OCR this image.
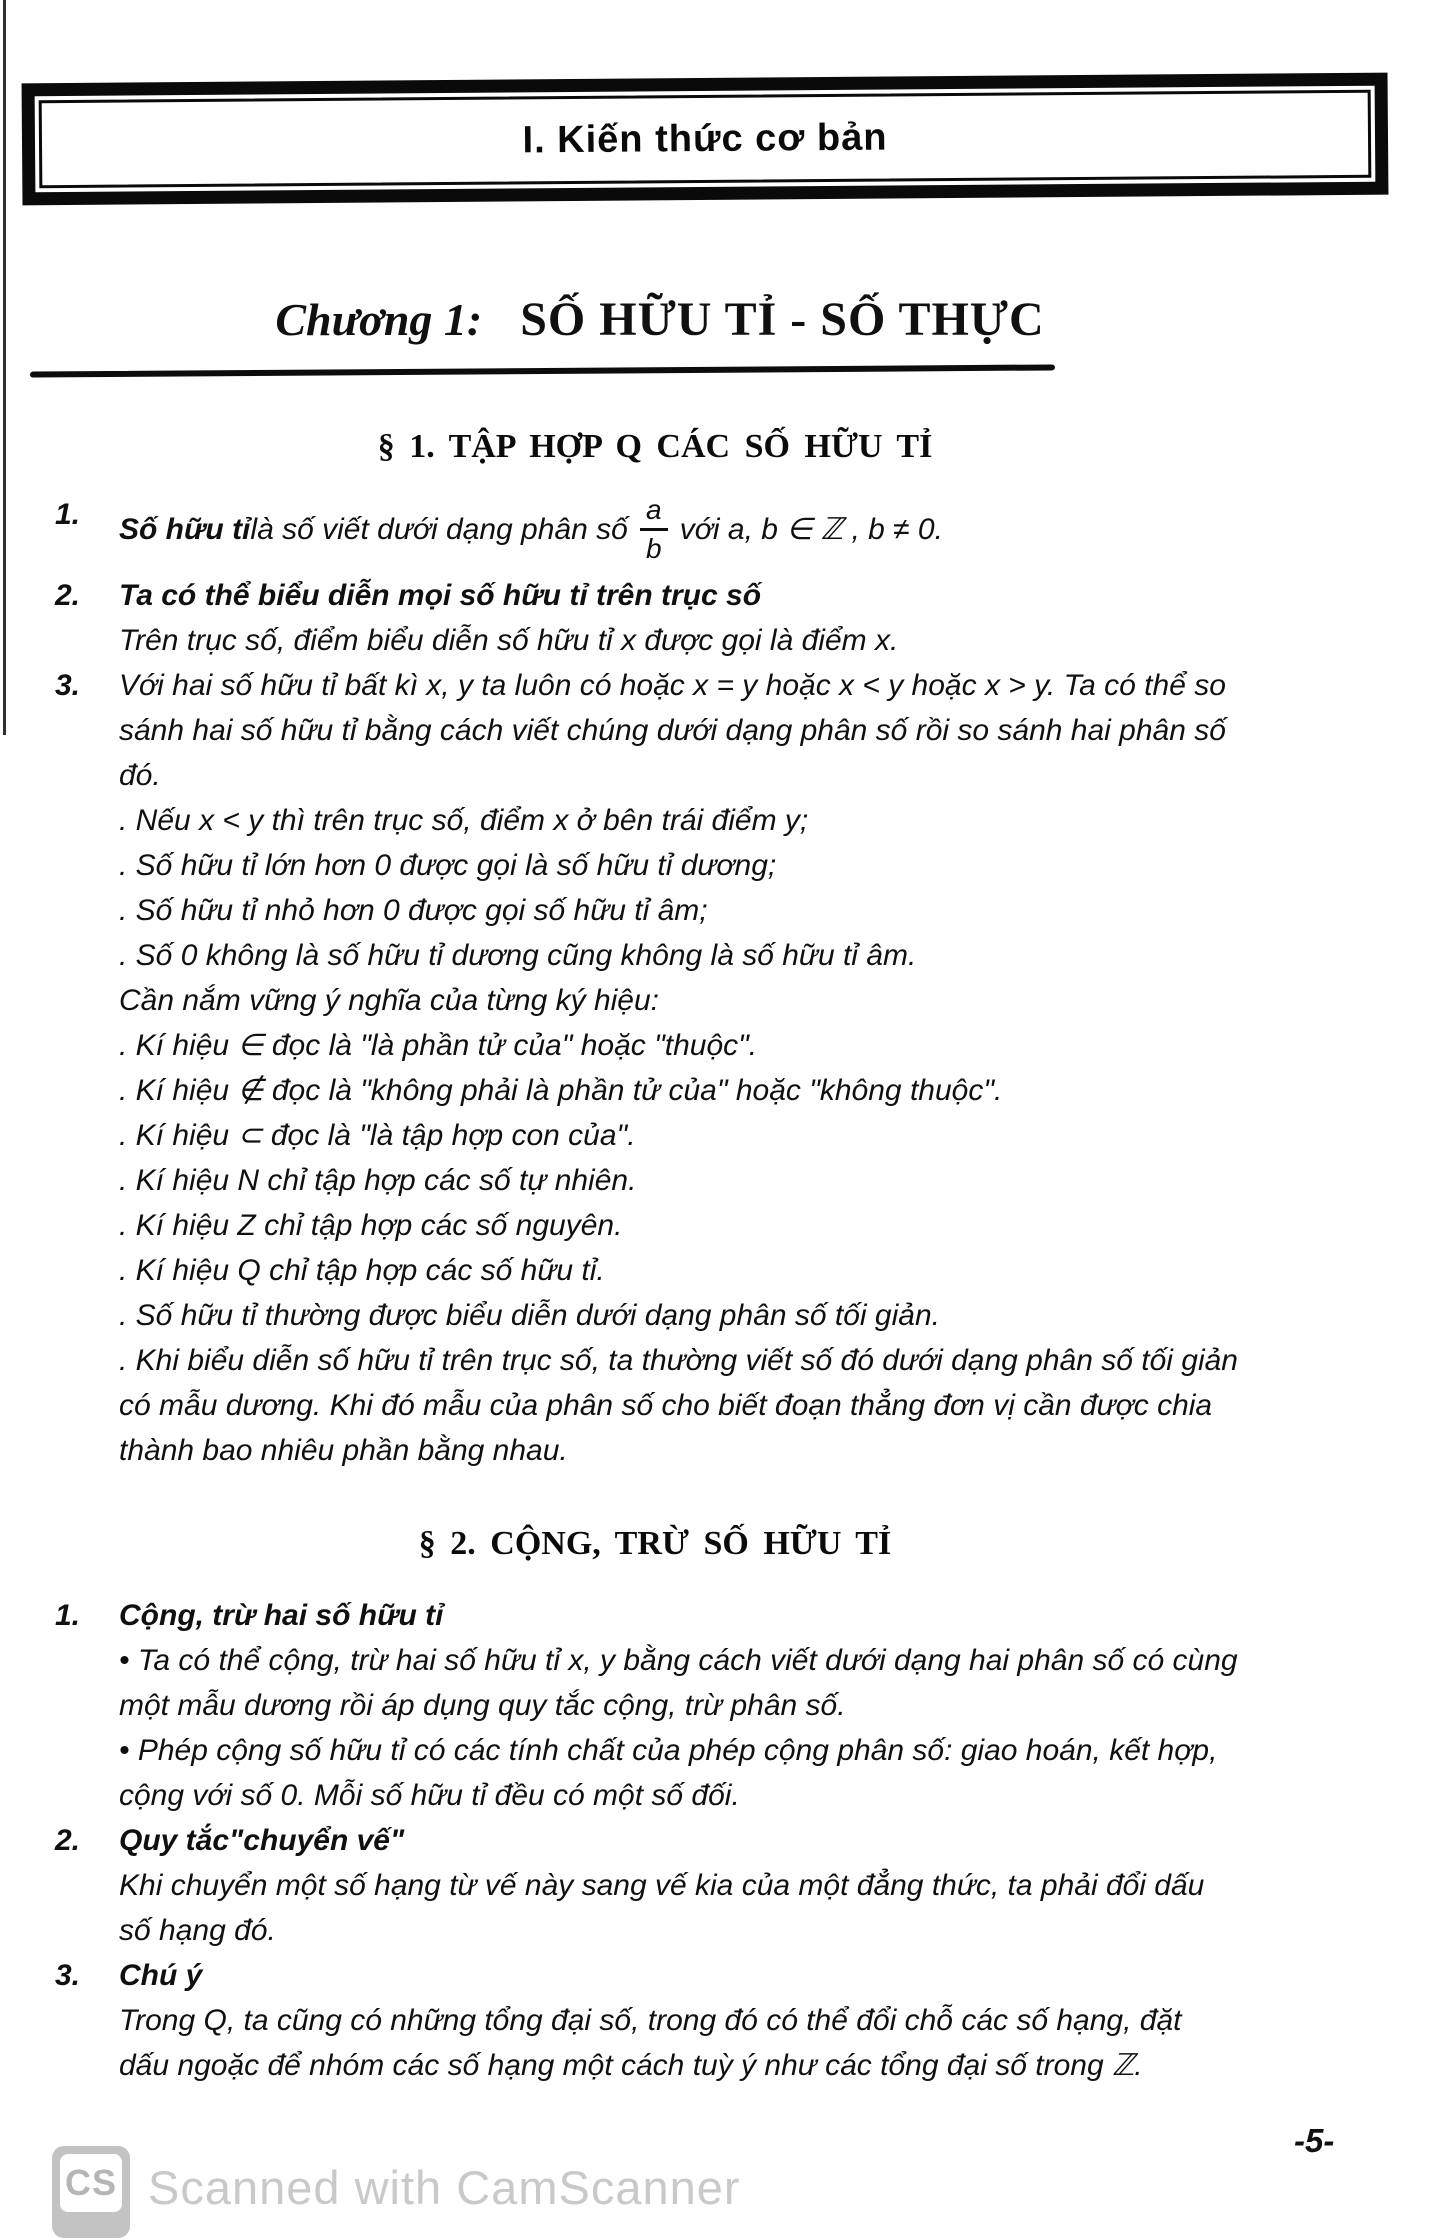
I. Kiến thức cơ bản
Chương 1: SỐ HỮU TỈ - SỐ THỰC
§ 1. TẬP HỢP Q CÁC SỐ HỮU TỈ
1.	Số hữu tỉ là số viết dưới dạng phân số $\frac{a}{b}$ với a, b ∈ ℤ , b ≠ 0.
2.	Ta có thể biểu diễn mọi số hữu tỉ trên trục số
Trên trục số, điểm biểu diễn số hữu tỉ x được gọi là điểm x.
3.	Với hai số hữu tỉ bất kì x, y ta luôn có hoặc x = y hoặc x < y hoặc x > y. Ta có thể so sánh hai số hữu tỉ bằng cách viết chúng dưới dạng phân số rồi so sánh hai phân số đó.
. Nếu x < y thì trên trục số, điểm x ở bên trái điểm y;
. Số hữu tỉ lớn hơn 0 được gọi là số hữu tỉ dương;
. Số hữu tỉ nhỏ hơn 0 được gọi số hữu tỉ âm;
. Số 0 không là số hữu tỉ dương cũng không là số hữu tỉ âm.
Cần nắm vững ý nghĩa của từng ký hiệu:
. Kí hiệu ∈ đọc là "là phần tử của" hoặc "thuộc".
. Kí hiệu ∉ đọc là "không phải là phần tử của" hoặc "không thuộc".
. Kí hiệu ⊂ đọc là "là tập hợp con của".
. Kí hiệu N chỉ tập hợp các số tự nhiên.
. Kí hiệu Z chỉ tập hợp các số nguyên.
. Kí hiệu Q chỉ tập hợp các số hữu tỉ.
. Số hữu tỉ thường được biểu diễn dưới dạng phân số tối giản.
. Khi biểu diễn số hữu tỉ trên trục số, ta thường viết số đó dưới dạng phân số tối giản có mẫu dương. Khi đó mẫu của phân số cho biết đoạn thẳng đơn vị cần được chia thành bao nhiêu phần bằng nhau.
§ 2. CỘNG, TRỪ SỐ HỮU TỈ
1.	Cộng, trừ hai số hữu tỉ
• Ta có thể cộng, trừ hai số hữu tỉ x, y bằng cách viết dưới dạng hai phân số có cùng một mẫu dương rồi áp dụng quy tắc cộng, trừ phân số.
• Phép cộng số hữu tỉ có các tính chất của phép cộng phân số: giao hoán, kết hợp, cộng với số 0. Mỗi số hữu tỉ đều có một số đối.
2.	Quy tắc"chuyển vế"
Khi chuyển một số hạng từ vế này sang vế kia của một đẳng thức, ta phải đổi dấu số hạng đó.
3.	Chú ý
Trong Q, ta cũng có những tổng đại số, trong đó có thể đổi chỗ các số hạng, đặt dấu ngoặc để nhóm các số hạng một cách tuỳ ý như các tổng đại số trong ℤ.
CS Scanned with CamScanner
-5-
